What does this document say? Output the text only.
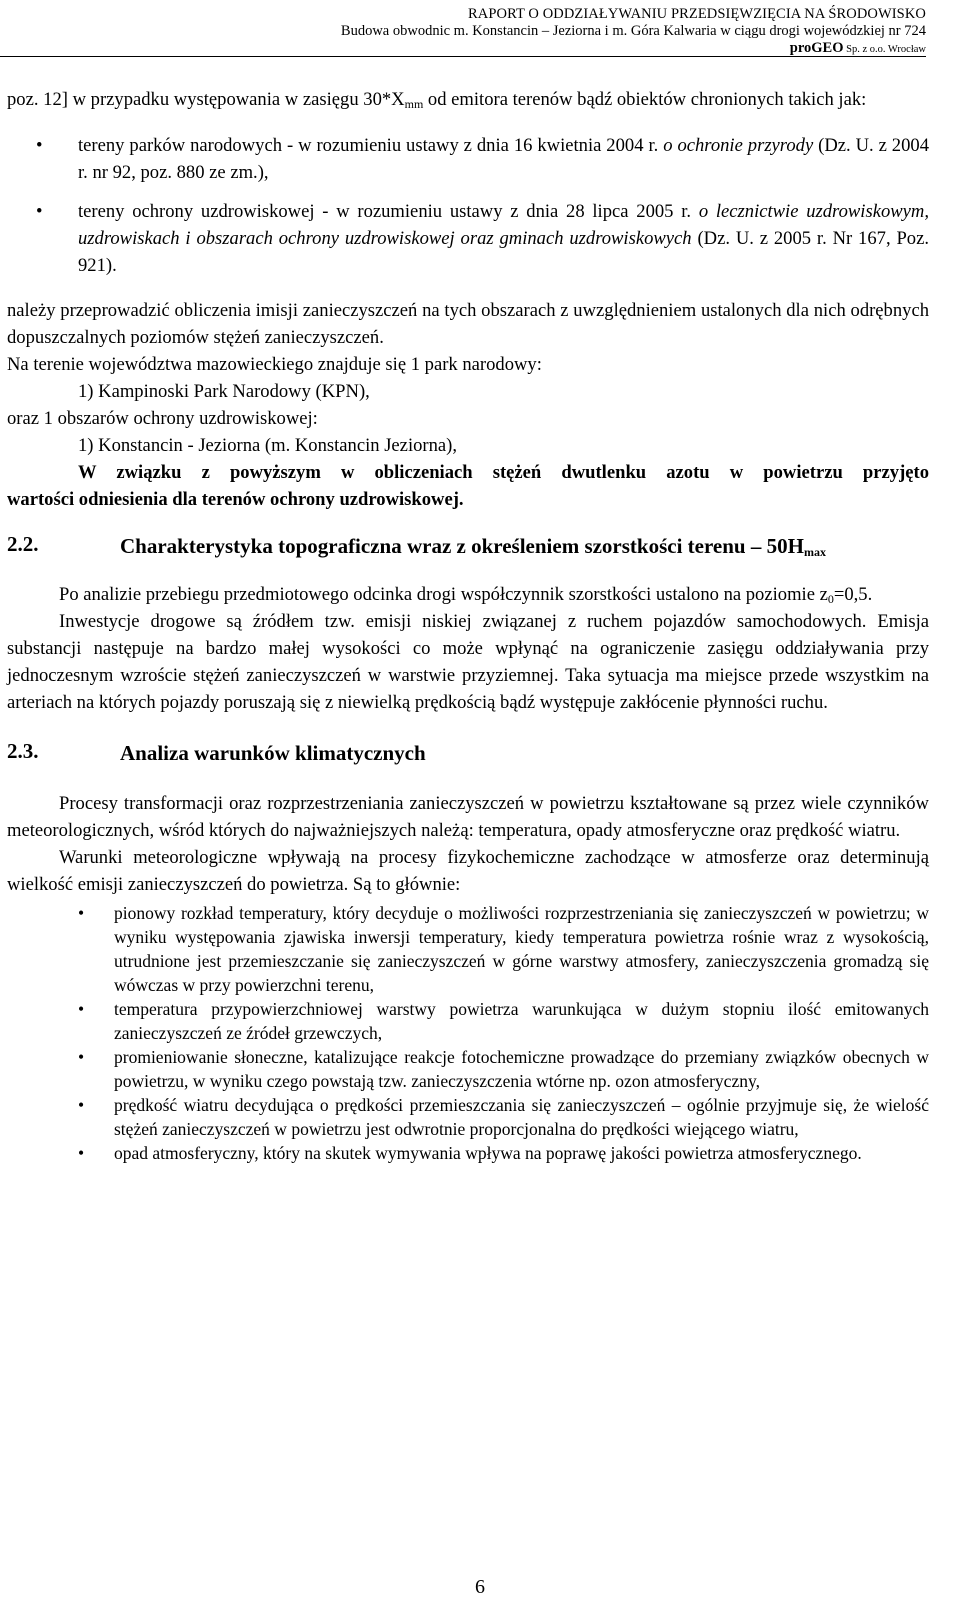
RAPORT O ODDZIAŁYWANIU PRZEDSIĘWZIĘCIA NA ŚRODOWISKO
Budowa obwodnic m. Konstancin – Jeziorna i m. Góra Kalwaria w ciągu drogi wojewódzkiej nr 724
proGEO Sp. z o.o. Wrocław

poz. 12] w przypadku występowania w zasięgu $30*X_{mm}$ od emitora terenów bądź obiektów chronionych takich jak:

• tereny parków narodowych - w rozumieniu ustawy z dnia 16 kwietnia 2004 r. o ochronie przyrody (Dz. U. z 2004 r. nr 92, poz. 880 ze zm.),

• tereny ochrony uzdrowiskowej - w rozumieniu ustawy z dnia 28 lipca 2005 r. o lecznictwie uzdrowiskowym, uzdrowiskach i obszarach ochrony uzdrowiskowej oraz gminach uzdrowiskowych (Dz. U. z 2005 r. Nr 167, Poz. 921).

należy przeprowadzić obliczenia imisji zanieczyszczeń na tych obszarach z uwzględnieniem ustalonych dla nich odrębnych dopuszczalnych poziomów stężeń zanieczyszczeń.

Na terenie województwa mazowieckiego znajduje się 1 park narodowy:

1) Kampinoski Park Narodowy (KPN),

oraz 1 obszarów ochrony uzdrowiskowej:

1) Konstancin - Jeziorna (m. Konstancin Jeziorna),

W związku z powyższym w obliczeniach stężeń dwutlenku azotu w powietrzu przyjęto

wartości odniesienia dla terenów ochrony uzdrowiskowej.

2.2.	Charakterystyka topograficzna wraz z określeniem szorstkości terenu – $50H_{max}$

Po analizie przebiegu przedmiotowego odcinka drogi współczynnik szorstkości ustalono na poziomie $z_0=0,5$.

Inwestycje drogowe są źródłem tzw. emisji niskiej związanej z ruchem pojazdów samochodowych. Emisja substancji następuje na bardzo małej wysokości co może wpłynąć na ograniczenie zasięgu oddziaływania przy jednoczesnym wzroście stężeń zanieczyszczeń w warstwie przyziemnej. Taka sytuacja ma miejsce przede wszystkim na arteriach na których pojazdy poruszają się z niewielką prędkością bądź występuje zakłócenie płynności ruchu.

2.3.	Analiza warunków klimatycznych

Procesy transformacji oraz rozprzestrzeniania zanieczyszczeń w powietrzu kształtowane są przez wiele czynników meteorologicznych, wśród których do najważniejszych należą: temperatura, opady atmosferyczne oraz prędkość wiatru.

Warunki meteorologiczne wpływają na procesy fizykochemiczne zachodzące w atmosferze oraz determinują wielkość emisji zanieczyszczeń do powietrza. Są to głównie:

• pionowy rozkład temperatury, który decyduje o możliwości rozprzestrzeniania się zanieczyszczeń w powietrzu; w wyniku występowania zjawiska inwersji temperatury, kiedy temperatura powietrza rośnie wraz z wysokością, utrudnione jest przemieszczanie się zanieczyszczeń w górne warstwy atmosfery, zanieczyszczenia gromadzą się wówczas w przy powierzchni terenu,

• temperatura przypowierzchniowej warstwy powietrza warunkująca w dużym stopniu ilość emitowanych zanieczyszczeń ze źródeł grzewczych,

• promieniowanie słoneczne, katalizujące reakcje fotochemiczne prowadzące do przemiany związków obecnych w powietrzu, w wyniku czego powstają tzw. zanieczyszczenia wtórne np. ozon atmosferyczny,

• prędkość wiatru decydująca o prędkości przemieszczania się zanieczyszczeń – ogólnie przyjmuje się, że wielość stężeń zanieczyszczeń w powietrzu jest odwrotnie proporcjonalna do prędkości wiejącego wiatru,

• opad atmosferyczny, który na skutek wymywania wpływa na poprawę jakości powietrza atmosferycznego.

6
